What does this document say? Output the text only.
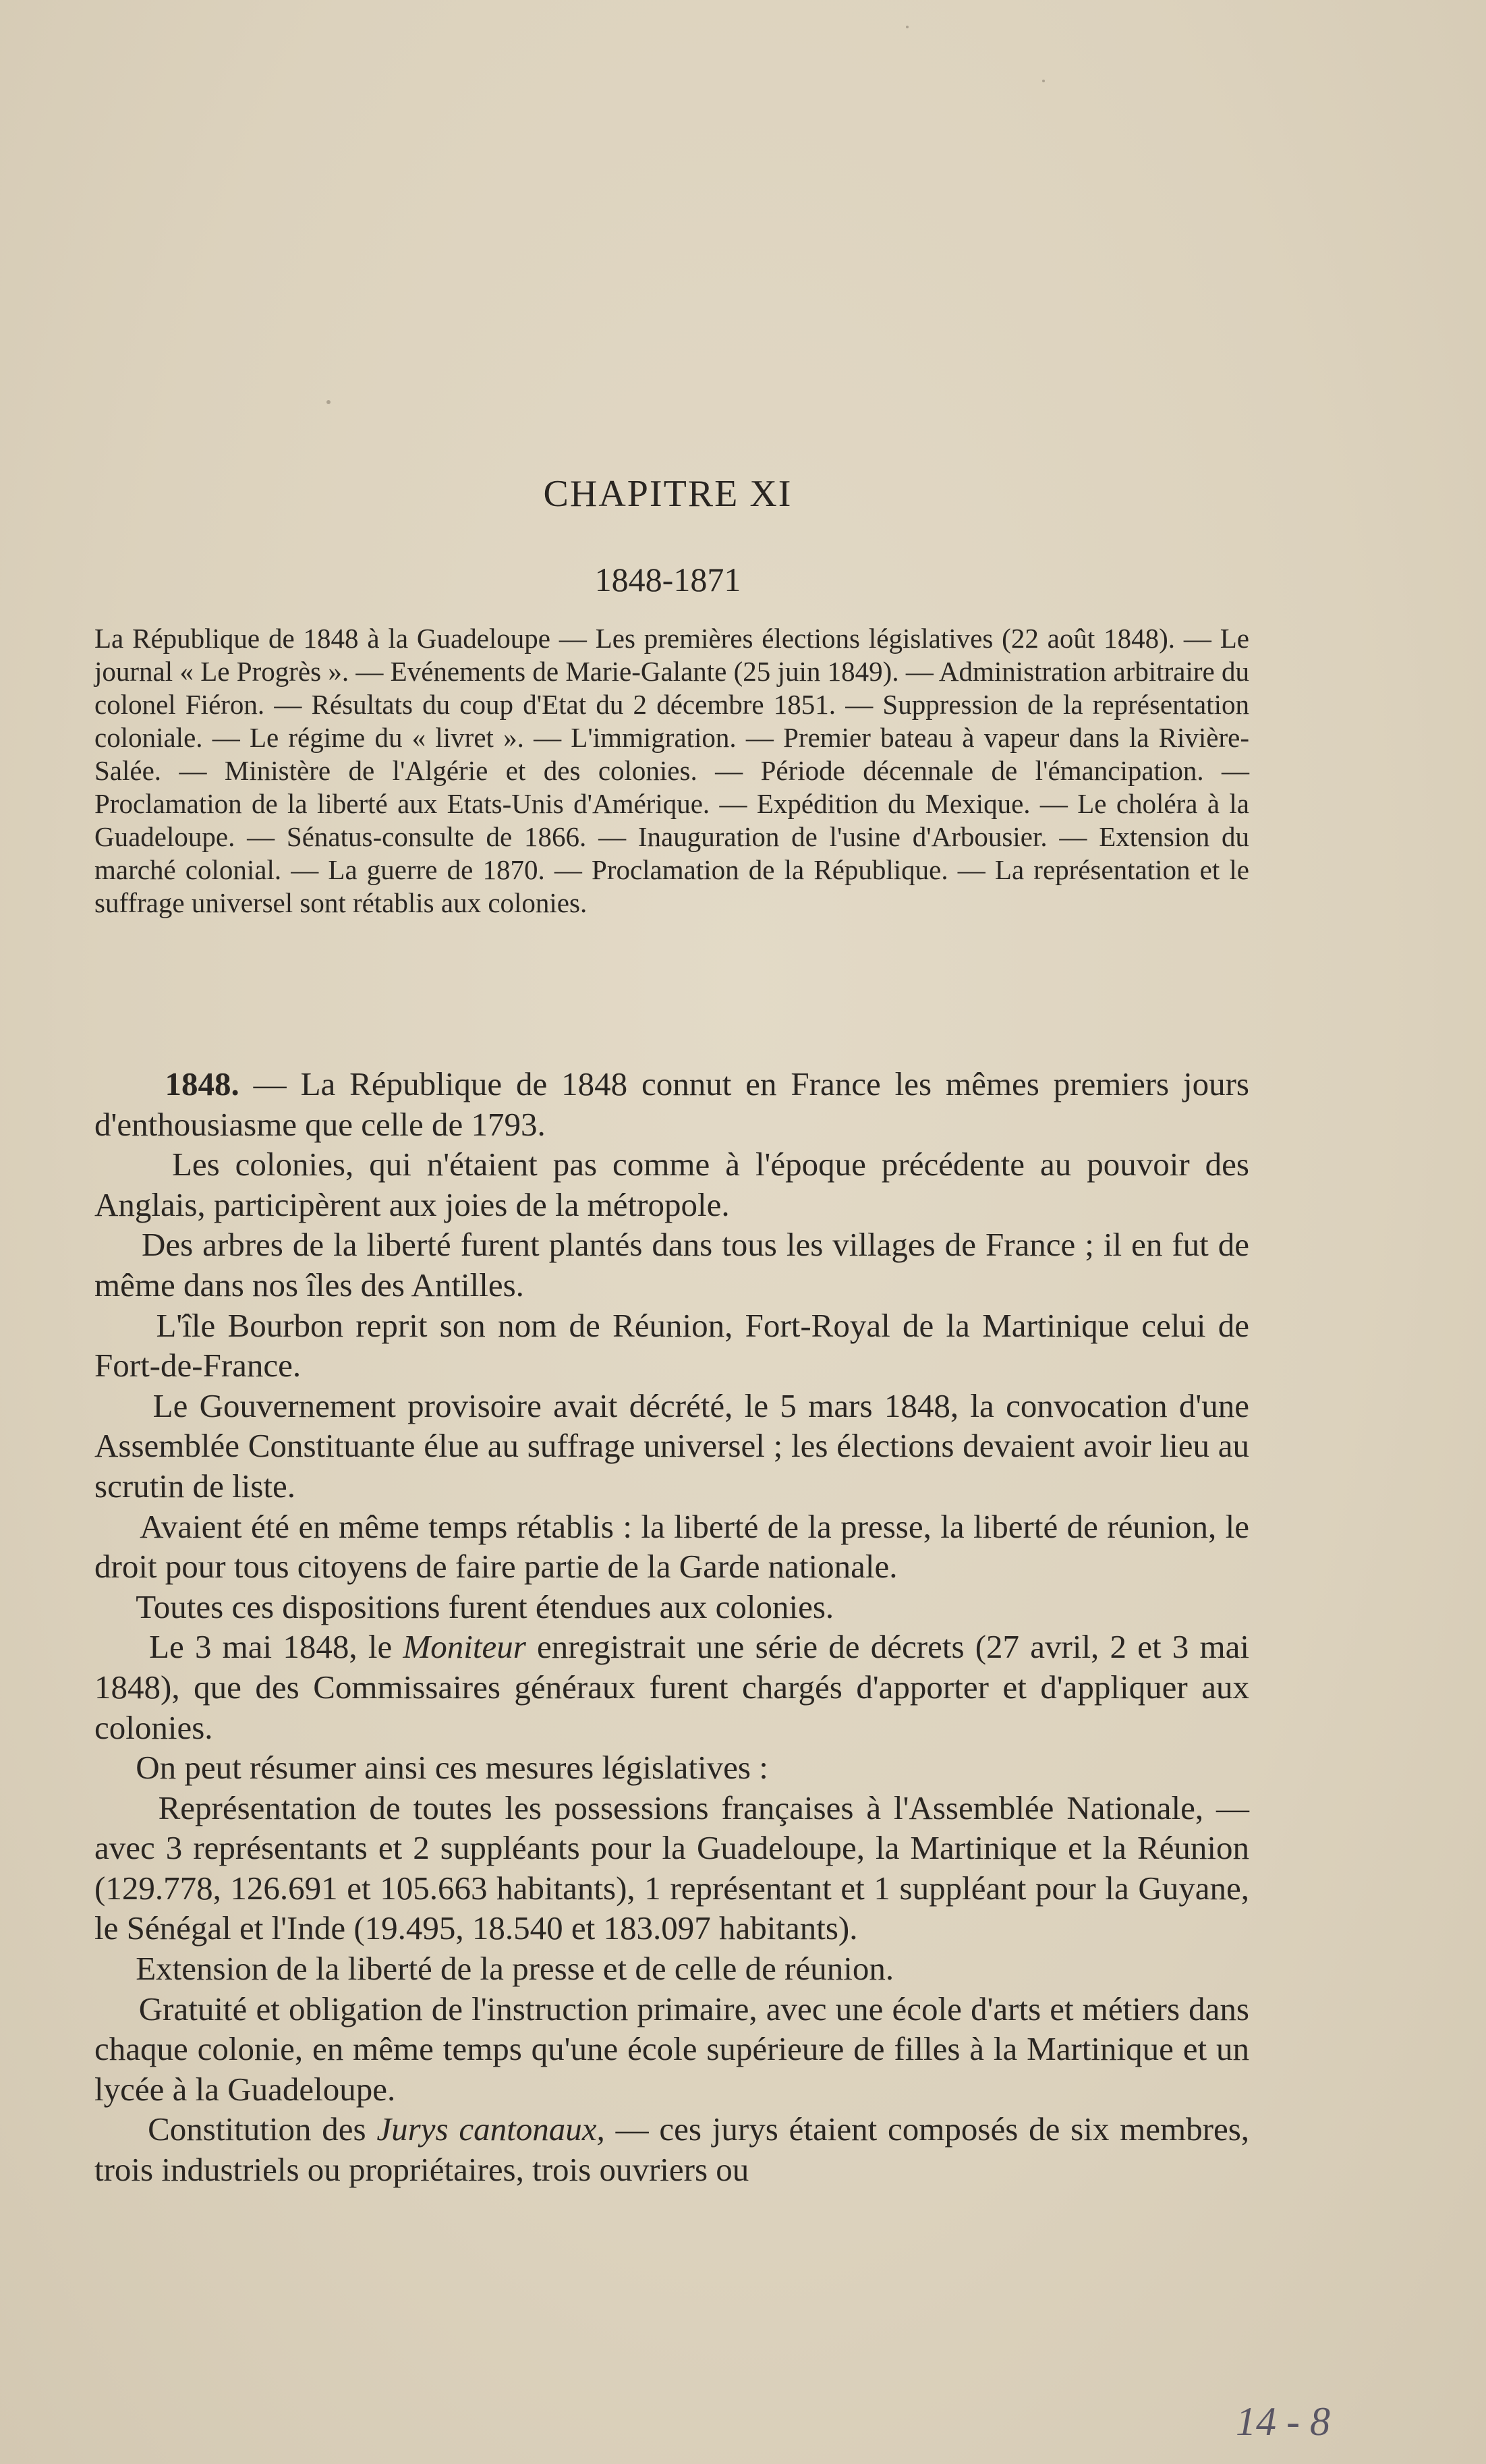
CHAPITRE XI
1848-1871

La République de 1848 à la Guadeloupe — Les premières élections législatives (22 août 1848). — Le journal « Le Progrès ». — Evénements de Marie-Galante (25 juin 1849). — Administration arbitraire du colonel Fiéron. — Résultats du coup d'Etat du 2 décembre 1851. — Suppression de la représentation coloniale. — Le régime du « livret ». — L'immigration. — Premier bateau à vapeur dans la Rivière-Salée. — Ministère de l'Algérie et des colonies. — Période décennale de l'émancipation. — Proclamation de la liberté aux Etats-Unis d'Amérique. — Expédition du Mexique. — Le choléra à la Guadeloupe. — Sénatus-consulte de 1866. — Inauguration de l'usine d'Arbousier. — Extension du marché colonial. — La guerre de 1870. — Proclamation de la République. — La représentation et le suffrage universel sont rétablis aux colonies.

1848. — La République de 1848 connut en France les mêmes premiers jours d'enthousiasme que celle de 1793.

Les colonies, qui n'étaient pas comme à l'époque précédente au pouvoir des Anglais, participèrent aux joies de la métropole.

Des arbres de la liberté furent plantés dans tous les villages de France ; il en fut de même dans nos îles des Antilles.

L'île Bourbon reprit son nom de Réunion, Fort-Royal de la Martinique celui de Fort-de-France.

Le Gouvernement provisoire avait décrété, le 5 mars 1848, la convocation d'une Assemblée Constituante élue au suffrage universel ; les élections devaient avoir lieu au scrutin de liste.

Avaient été en même temps rétablis : la liberté de la presse, la liberté de réunion, le droit pour tous citoyens de faire partie de la Garde nationale.

Toutes ces dispositions furent étendues aux colonies.

Le 3 mai 1848, le Moniteur enregistrait une série de décrets (27 avril, 2 et 3 mai 1848), que des Commissaires généraux furent chargés d'apporter et d'appliquer aux colonies.

On peut résumer ainsi ces mesures législatives :

Représentation de toutes les possessions françaises à l'Assemblée Nationale, — avec 3 représentants et 2 suppléants pour la Guadeloupe, la Martinique et la Réunion (129.778, 126.691 et 105.663 habitants), 1 représentant et 1 suppléant pour la Guyane, le Sénégal et l'Inde (19.495, 18.540 et 183.097 habitants).

Extension de la liberté de la presse et de celle de réunion.

Gratuité et obligation de l'instruction primaire, avec une école d'arts et métiers dans chaque colonie, en même temps qu'une école supérieure de filles à la Martinique et un lycée à la Guadeloupe.

Constitution des Jurys cantonaux, — ces jurys étaient composés de six membres, trois industriels ou propriétaires, trois ouvriers ou

14 - 8
